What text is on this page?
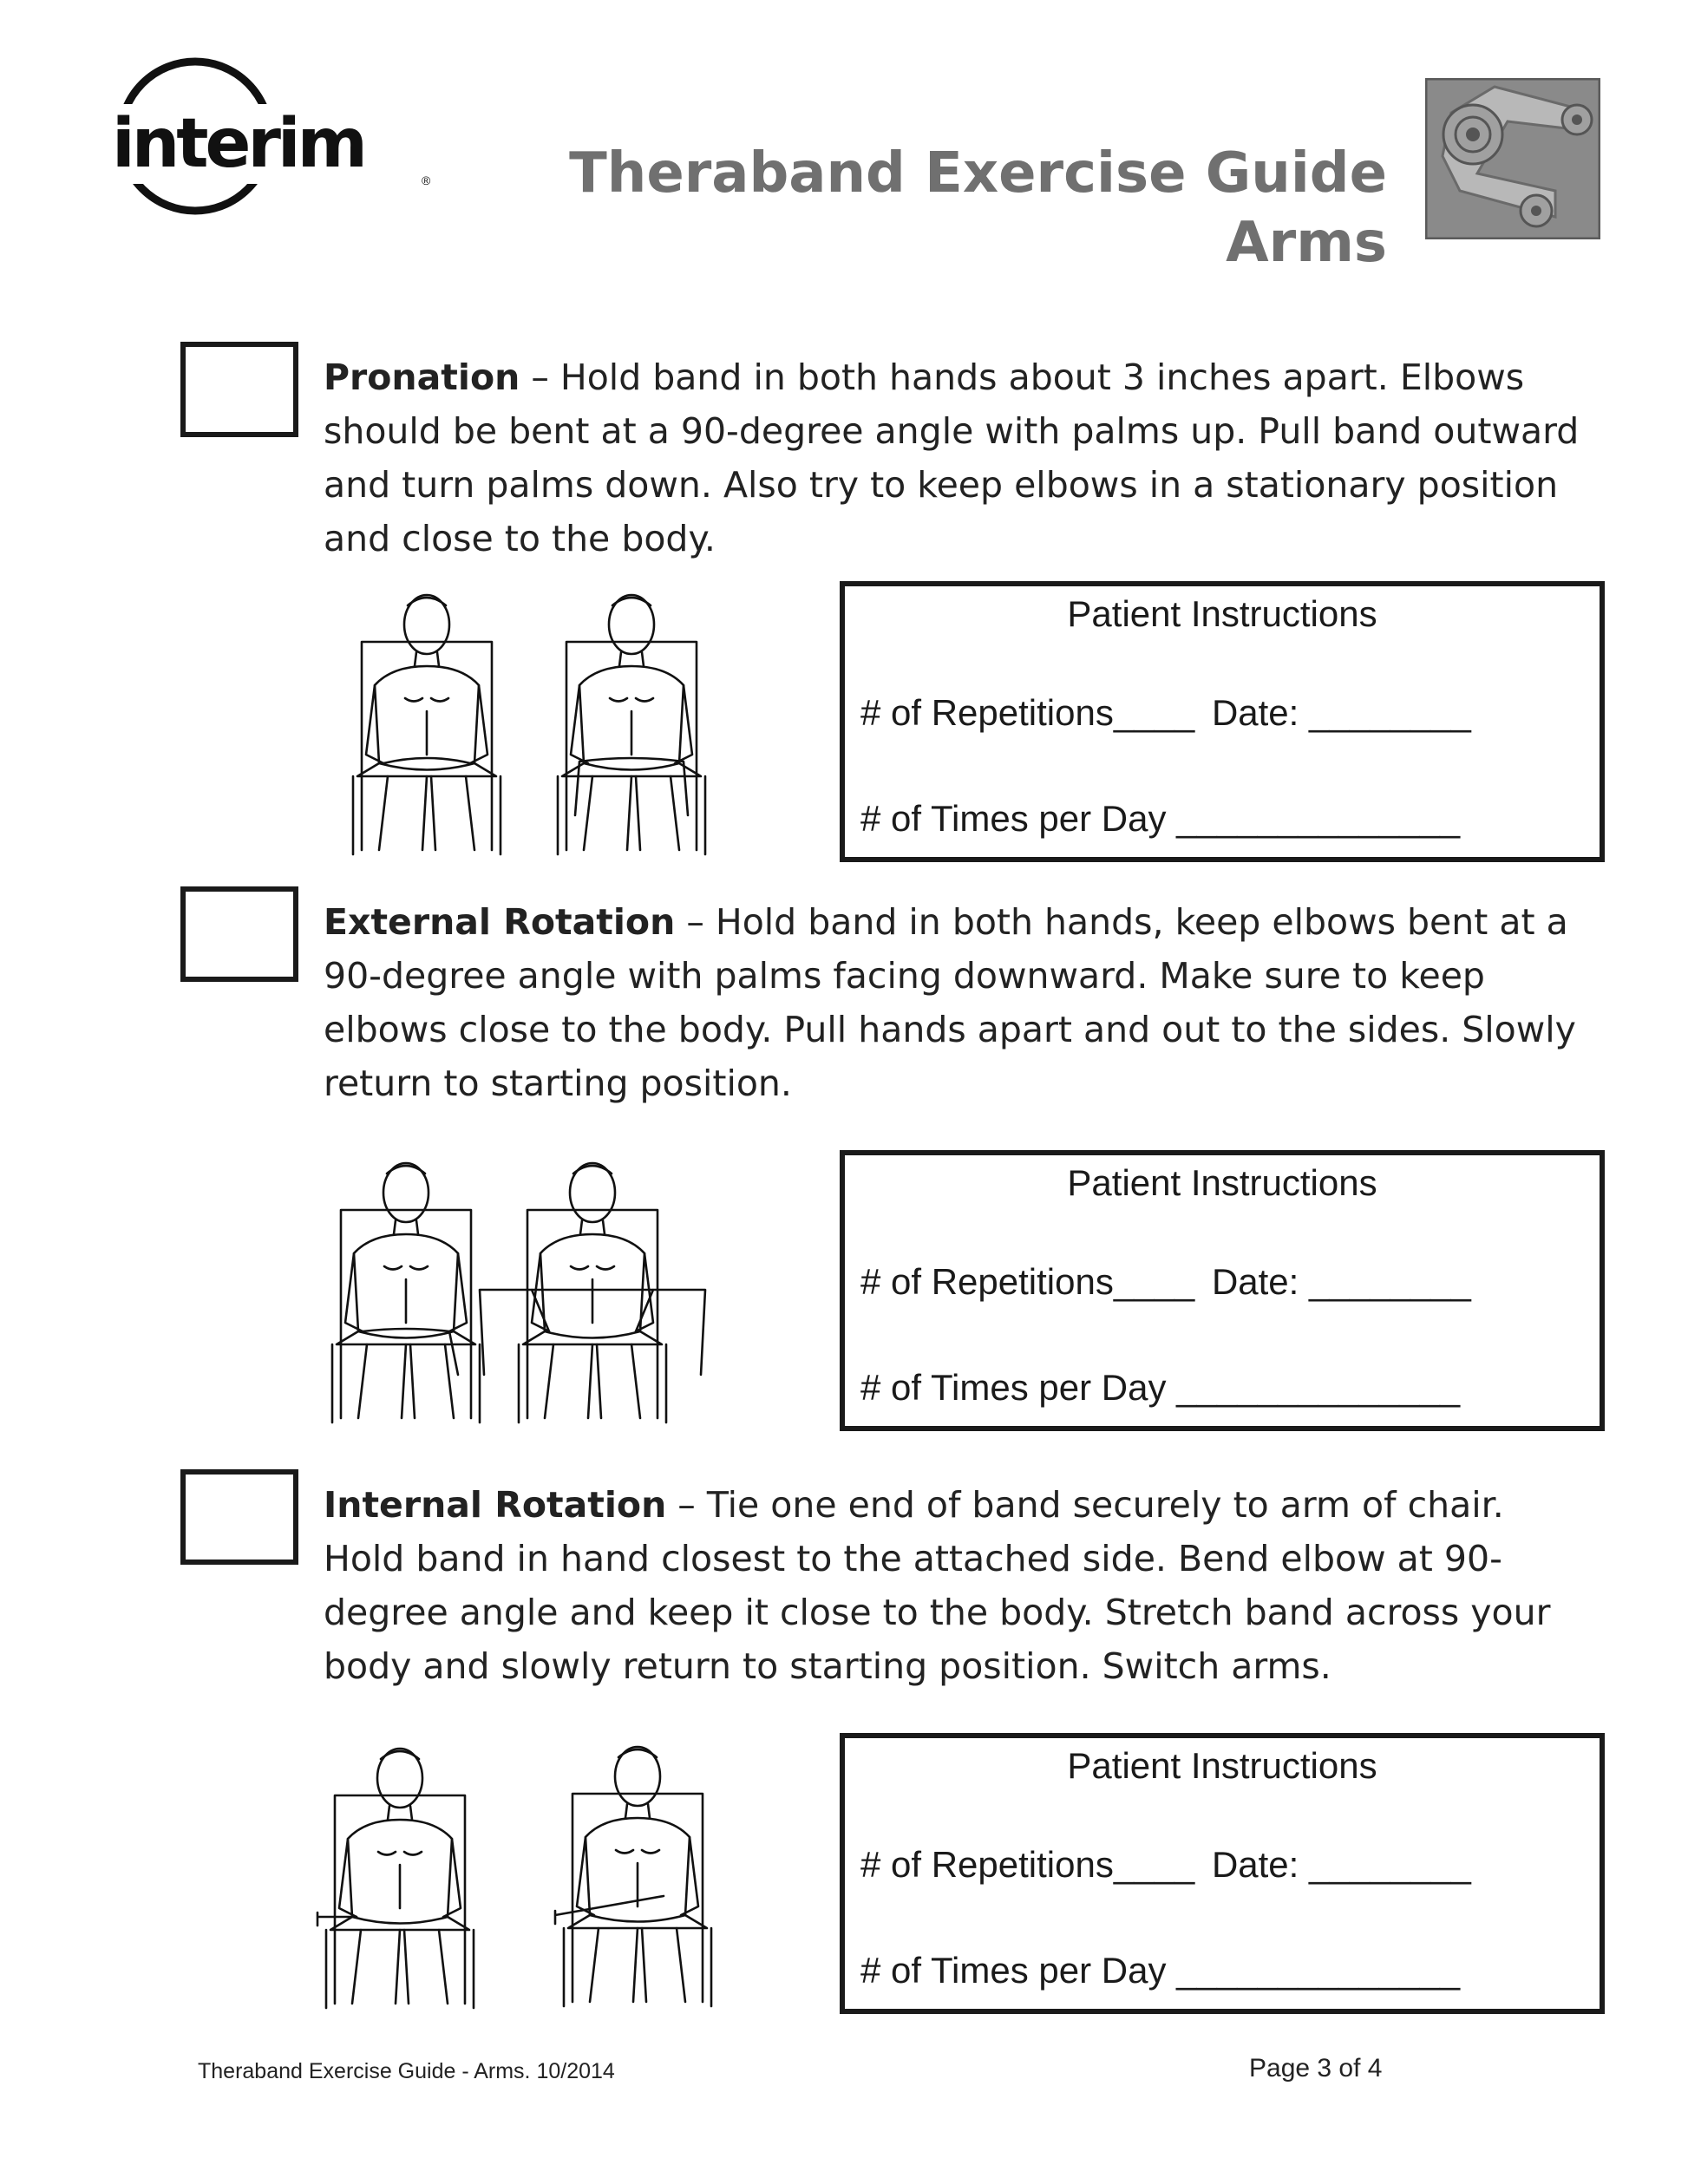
interim	® Theraband Exercise Guide
Arms

Pronation – Hold band in both hands about 3 inches apart. Elbows should be bent at a 90-degree angle with palms up. Pull band outward and turn palms down. Also try to keep elbows in a stationary position and close to the body.

Patient Instructions
# of Repetitions____ Date: ________
# of Times per Day ______________

External Rotation – Hold band in both hands, keep elbows bent at a 90-degree angle with palms facing downward. Make sure to keep elbows close to the body. Pull hands apart and out to the sides. Slowly return to starting position.

Patient Instructions
# of Repetitions____ Date: ________
# of Times per Day ______________

Internal Rotation – Tie one end of band securely to arm of chair. Hold band in hand closest to the attached side. Bend elbow at 90-degree angle and keep it close to the body. Stretch band across your body and slowly return to starting position. Switch arms.

Patient Instructions
# of Repetitions____ Date: ________
# of Times per Day ______________
Theraband Exercise Guide - Arms. 10/2014	Page 3 of 4
